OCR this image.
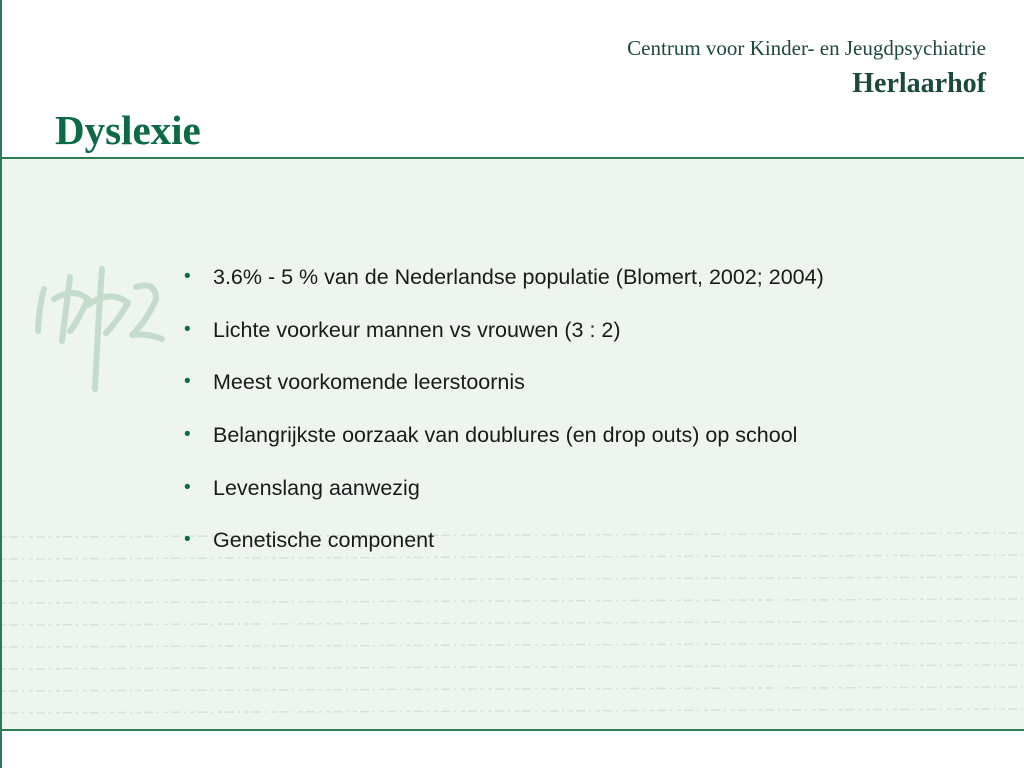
Centrum voor Kinder- en Jeugdpsychiatrie
Herlaarhof
Dyslexie
• 3.6% - 5 % van de Nederlandse populatie (Blomert, 2002; 2004)
• Lichte voorkeur mannen vs vrouwen (3 : 2)
• Meest voorkomende leerstoornis
• Belangrijkste oorzaak van doublures (en drop outs) op school
• Levenslang aanwezig
• Genetische component
